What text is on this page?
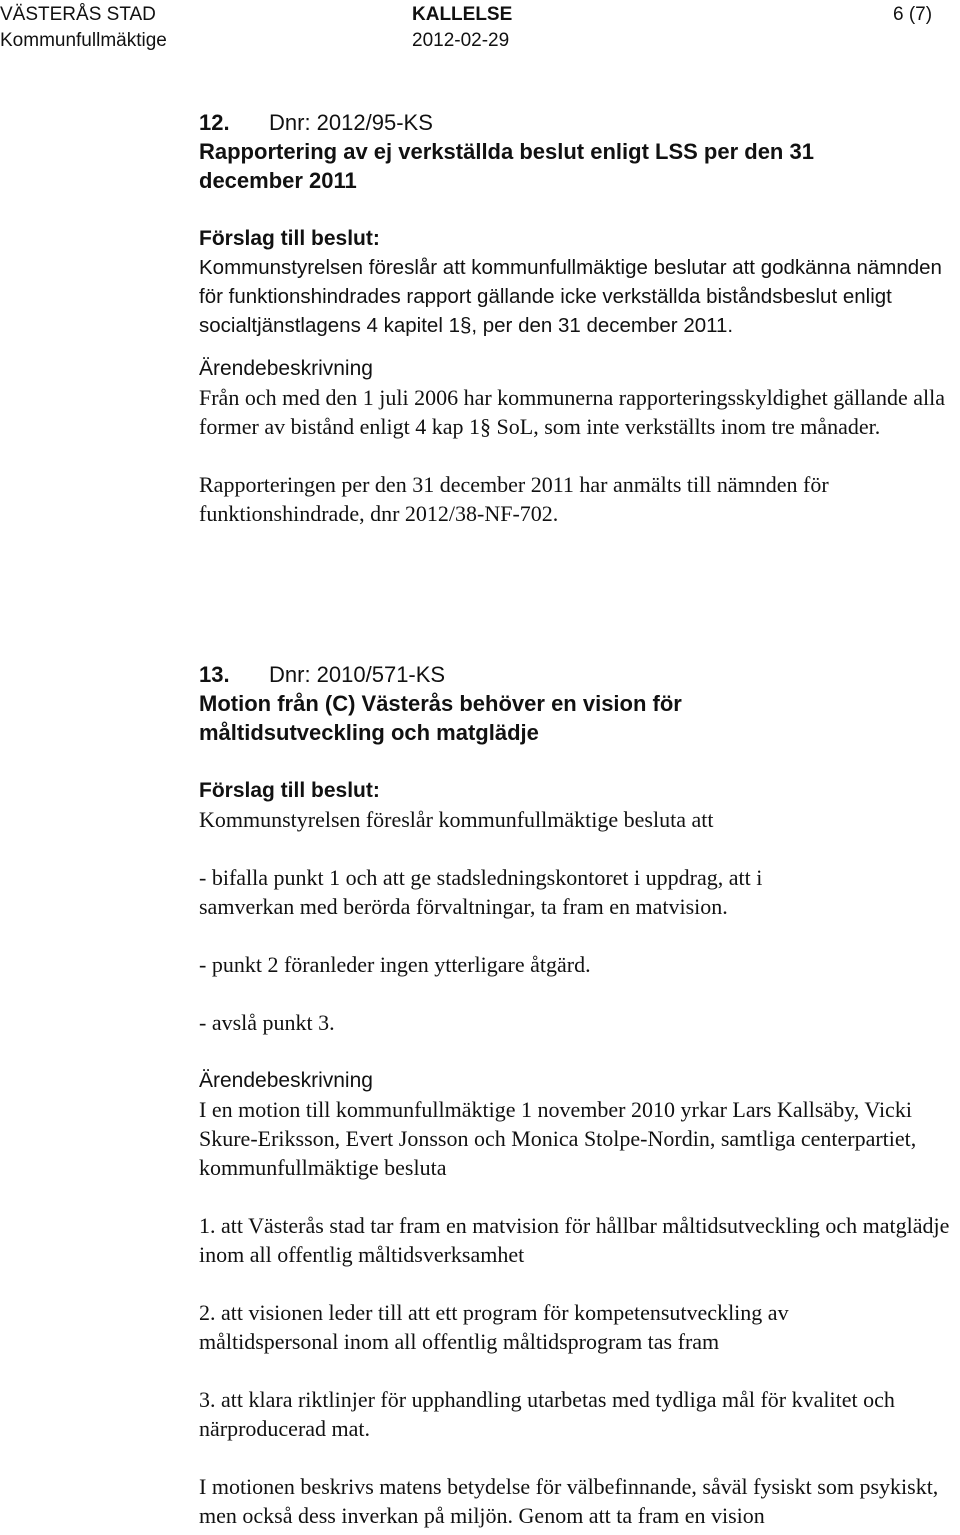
VÄSTERÅS STAD
Kommunfullmäktige
KALLELSE
2012-02-29
6 (7)
12. Dnr: 2012/95-KS
Rapportering av ej verkställda beslut enligt LSS per den 31 december 2011
Förslag till beslut:

Kommunstyrelsen föreslår att kommunfullmäktige beslutar att godkänna nämnden för funktionshindrades rapport gällande icke verkställda biståndsbeslut enligt socialtjänstlagens 4 kapitel 1§, per den 31 december 2011.

Ärendebeskrivning

Från och med den 1 juli 2006 har kommunerna rapporteringsskyldighet gällande alla former av bistånd enligt 4 kap 1§ SoL, som inte verkställts inom tre månader.

Rapporteringen per den 31 december 2011 har anmälts till nämnden för funktionshindrade, dnr 2012/38-NF-702.

13. Dnr: 2010/571-KS
Motion från (C) Västerås behöver en vision för måltidsutveckling och matglädje
Förslag till beslut:

Kommunstyrelsen föreslår kommunfullmäktige besluta att

- bifalla punkt 1 och att ge stadsledningskontoret i uppdrag, att i samverkan med berörda förvaltningar, ta fram en matvision.

- punkt 2 föranleder ingen ytterligare åtgärd.

- avslå punkt 3.

Ärendebeskrivning

I en motion till kommunfullmäktige 1 november 2010 yrkar Lars Kallsäby, Vicki Skure-Eriksson, Evert Jonsson och Monica Stolpe-Nordin, samtliga centerpartiet, kommunfullmäktige besluta

1. att Västerås stad tar fram en matvision för hållbar måltidsutveckling och matglädje inom all offentlig måltidsverksamhet

2. att visionen leder till att ett program för kompetensutveckling av måltidspersonal inom all offentlig måltidsprogram tas fram

3. att klara riktlinjer för upphandling utarbetas med tydliga mål för kvalitet och närproducerad mat.

I motionen beskrivs matens betydelse för välbefinnande, såväl fysiskt som psykiskt, men också dess inverkan på miljön. Genom att ta fram en vision
